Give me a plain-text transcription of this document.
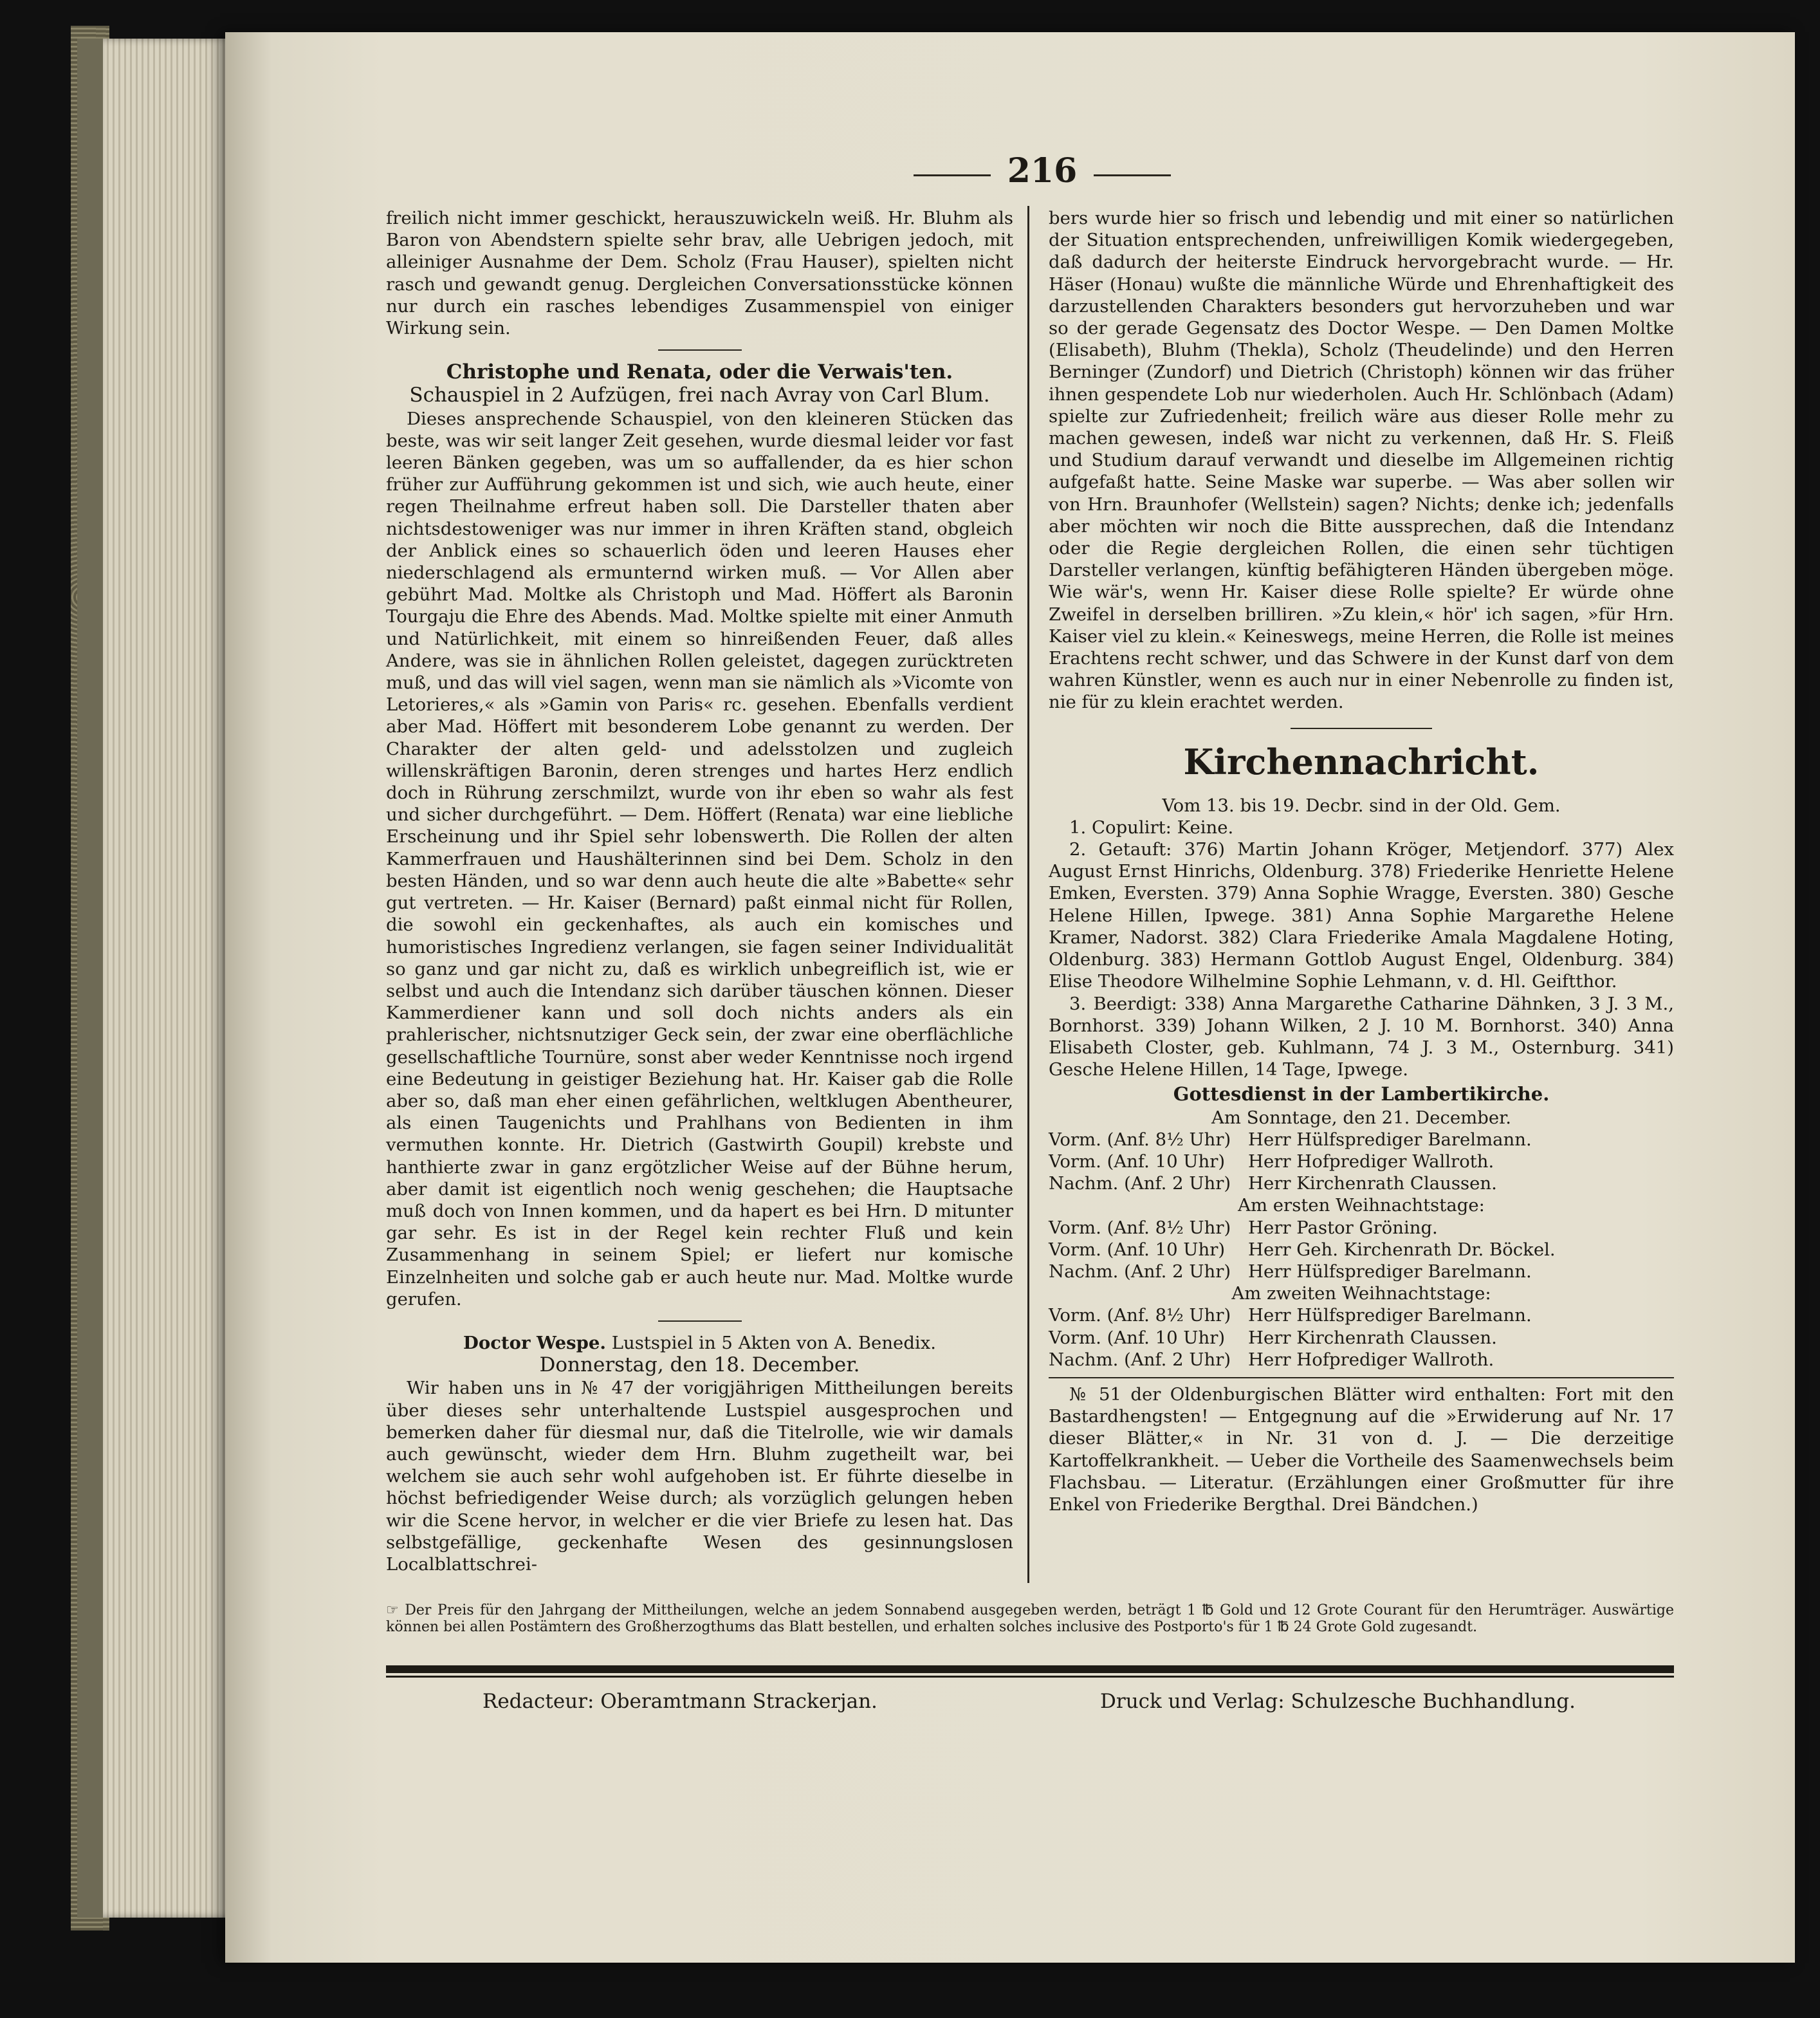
216

freilich nicht immer geschickt, herauszuwickeln weiß. Hr. Bluhm als Baron von Abendstern spielte sehr brav, alle Uebrigen jedoch, mit alleiniger Ausnahme der Dem. Scholz (Frau Hauser), spielten nicht rasch und gewandt genug. Dergleichen Conversationsstücke können nur durch ein rasches lebendiges Zusammenspiel von einiger Wirkung sein.

Christophe und Renata, oder die Verwais'ten.
Schauspiel in 2 Aufzügen, frei nach Avray von Carl Blum.

Dieses ansprechende Schauspiel, von den kleineren Stücken das beste, was wir seit langer Zeit gesehen, wurde diesmal leider vor fast leeren Bänken gegeben, was um so auffallender, da es hier schon früher zur Aufführung gekommen ist und sich, wie auch heute, einer regen Theilnahme erfreut haben soll. Die Darsteller thaten aber nichtsdestoweniger was nur immer in ihren Kräften stand, obgleich der Anblick eines so schauerlich öden und leeren Hauses eher niederschlagend als ermunternd wirken muß. — Vor Allen aber gebührt Mad. Moltke als Christoph und Mad. Höffert als Baronin Tourgaju die Ehre des Abends. Mad. Moltke spielte mit einer Anmuth und Natürlichkeit, mit einem so hinreißenden Feuer, daß alles Andere, was sie in ähnlichen Rollen geleistet, dagegen zurücktreten muß, und das will viel sagen, wenn man sie nämlich als »Vicomte von Letorieres,« als »Gamin von Paris« rc. gesehen. Ebenfalls verdient aber Mad. Höffert mit besonderem Lobe genannt zu werden. Der Charakter der alten geld- und adelsstolzen und zugleich willenskräftigen Baronin, deren strenges und hartes Herz endlich doch in Rührung zerschmilzt, wurde von ihr eben so wahr als fest und sicher durchgeführt. — Dem. Höffert (Renata) war eine liebliche Erscheinung und ihr Spiel sehr lobenswerth. Die Rollen der alten Kammerfrauen und Haushälterinnen sind bei Dem. Scholz in den besten Händen, und so war denn auch heute die alte »Babette« sehr gut vertreten. — Hr. Kaiser (Bernard) paßt einmal nicht für Rollen, die sowohl ein geckenhaftes, als auch ein komisches und humoristisches Ingredienz verlangen, sie fagen seiner Individualität so ganz und gar nicht zu, daß es wirklich unbegreiflich ist, wie er selbst und auch die Intendanz sich darüber täuschen können. Dieser Kammerdiener kann und soll doch nichts anders als ein prahlerischer, nichtsnutziger Geck sein, der zwar eine oberflächliche gesellschaftliche Tournüre, sonst aber weder Kenntnisse noch irgend eine Bedeutung in geistiger Beziehung hat. Hr. Kaiser gab die Rolle aber so, daß man eher einen gefährlichen, weltklugen Abentheurer, als einen Taugenichts und Prahlhans von Bedienten in ihm vermuthen konnte. Hr. Dietrich (Gastwirth Goupil) krebste und hanthierte zwar in ganz ergötzlicher Weise auf der Bühne herum, aber damit ist eigentlich noch wenig geschehen; die Hauptsache muß doch von Innen kommen, und da hapert es bei Hrn. D mitunter gar sehr. Es ist in der Regel kein rechter Fluß und kein Zusammenhang in seinem Spiel; er liefert nur komische Einzelnheiten und solche gab er auch heute nur. Mad. Moltke wurde gerufen.

Doctor Wespe. Lustspiel in 5 Akten von A. Benedix.
Donnerstag, den 18. December.

Wir haben uns in № 47 der vorigjährigen Mittheilungen bereits über dieses sehr unterhaltende Lustspiel ausgesprochen und bemerken daher für diesmal nur, daß die Titelrolle, wie wir damals auch gewünscht, wieder dem Hrn. Bluhm zugetheilt war, bei welchem sie auch sehr wohl aufgehoben ist. Er führte dieselbe in höchst befriedigender Weise durch; als vorzüglich gelungen heben wir die Scene hervor, in welcher er die vier Briefe zu lesen hat. Das selbstgefällige, geckenhafte Wesen des gesinnungslosen Localblattschrei-

bers wurde hier so frisch und lebendig und mit einer so natürlichen der Situation entsprechenden, unfreiwilligen Komik wiedergegeben, daß dadurch der heiterste Eindruck hervorgebracht wurde. — Hr. Häser (Honau) wußte die männliche Würde und Ehrenhaftigkeit des darzustellenden Charakters besonders gut hervorzuheben und war so der gerade Gegensatz des Doctor Wespe. — Den Damen Moltke (Elisabeth), Bluhm (Thekla), Scholz (Theudelinde) und den Herren Berninger (Zundorf) und Dietrich (Christoph) können wir das früher ihnen gespendete Lob nur wiederholen. Auch Hr. Schlönbach (Adam) spielte zur Zufriedenheit; freilich wäre aus dieser Rolle mehr zu machen gewesen, indeß war nicht zu verkennen, daß Hr. S. Fleiß und Studium darauf verwandt und dieselbe im Allgemeinen richtig aufgefaßt hatte. Seine Maske war superbe. — Was aber sollen wir von Hrn. Braunhofer (Wellstein) sagen? Nichts; denke ich; jedenfalls aber möchten wir noch die Bitte aussprechen, daß die Intendanz oder die Regie dergleichen Rollen, die einen sehr tüchtigen Darsteller verlangen, künftig befähigteren Händen übergeben möge. Wie wär's, wenn Hr. Kaiser diese Rolle spielte? Er würde ohne Zweifel in derselben brilliren. »Zu klein,« hör' ich sagen, »für Hrn. Kaiser viel zu klein.« Keineswegs, meine Herren, die Rolle ist meines Erachtens recht schwer, und das Schwere in der Kunst darf von dem wahren Künstler, wenn es auch nur in einer Nebenrolle zu finden ist, nie für zu klein erachtet werden.

Kirchennachricht.
Vom 13. bis 19. Decbr. sind in der Old. Gem.

1. Copulirt: Keine.

2. Getauft: 376) Martin Johann Kröger, Metjendorf. 377) Alex August Ernst Hinrichs, Oldenburg. 378) Friederike Henriette Helene Emken, Eversten. 379) Anna Sophie Wragge, Eversten. 380) Gesche Helene Hillen, Ipwege. 381) Anna Sophie Margarethe Helene Kramer, Nadorst. 382) Clara Friederike Amala Magdalene Hoting, Oldenburg. 383) Hermann Gottlob August Engel, Oldenburg. 384) Elise Theodore Wilhelmine Sophie Lehmann, v. d. Hl. Geiftthor.

3. Beerdigt: 338) Anna Margarethe Catharine Dähnken, 3 J. 3 M., Bornhorst. 339) Johann Wilken, 2 J. 10 M. Bornhorst. 340) Anna Elisabeth Closter, geb. Kuhlmann, 74 J. 3 M., Osternburg. 341) Gesche Helene Hillen, 14 Tage, Ipwege.

Gottesdienst in der Lambertikirche.
Am Sonntage, den 21. December.
Vorm. (Anf. 8½ Uhr) Herr Hülfsprediger Barelmann.
Vorm. (Anf. 10 Uhr)	Herr Hofprediger Wallroth.
Nachm. (Anf. 2 Uhr) Herr Kirchenrath Claussen.
Am ersten Weihnachtstage:
Vorm. (Anf. 8½ Uhr) Herr Pastor Gröning.
Vorm. (Anf. 10 Uhr)	Herr Geh. Kirchenrath Dr. Böckel.
Nachm. (Anf. 2 Uhr) Herr Hülfsprediger Barelmann.
Am zweiten Weihnachtstage:
Vorm. (Anf. 8½ Uhr) Herr Hülfsprediger Barelmann.
Vorm. (Anf. 10 Uhr)	Herr Kirchenrath Claussen.
Nachm. (Anf. 2 Uhr) Herr Hofprediger Wallroth.

№ 51 der Oldenburgischen Blätter wird enthalten: Fort mit den Bastardhengsten! — Entgegnung auf die »Erwiderung auf Nr. 17 dieser Blätter,« in Nr. 31 von d. J. — Die derzeitige Kartoffelkrankheit. — Ueber die Vortheile des Saamenwechsels beim Flachsbau. — Literatur. (Erzählungen einer Großmutter für ihre Enkel von Friederike Bergthal. Drei Bändchen.)

☞ Der Preis für den Jahrgang der Mittheilungen, welche an jedem Sonnabend ausgegeben werden, beträgt 1 ℔ Gold und 12 Grote Courant für den Herumträger. Auswärtige können bei allen Postämtern des Großherzogthums das Blatt bestellen, und erhalten solches inclusive des Postporto's für 1 ℔ 24 Grote Gold zugesandt.
Redacteur: Oberamtmann Strackerjan.	Druck und Verlag: Schulzesche Buchhandlung.
